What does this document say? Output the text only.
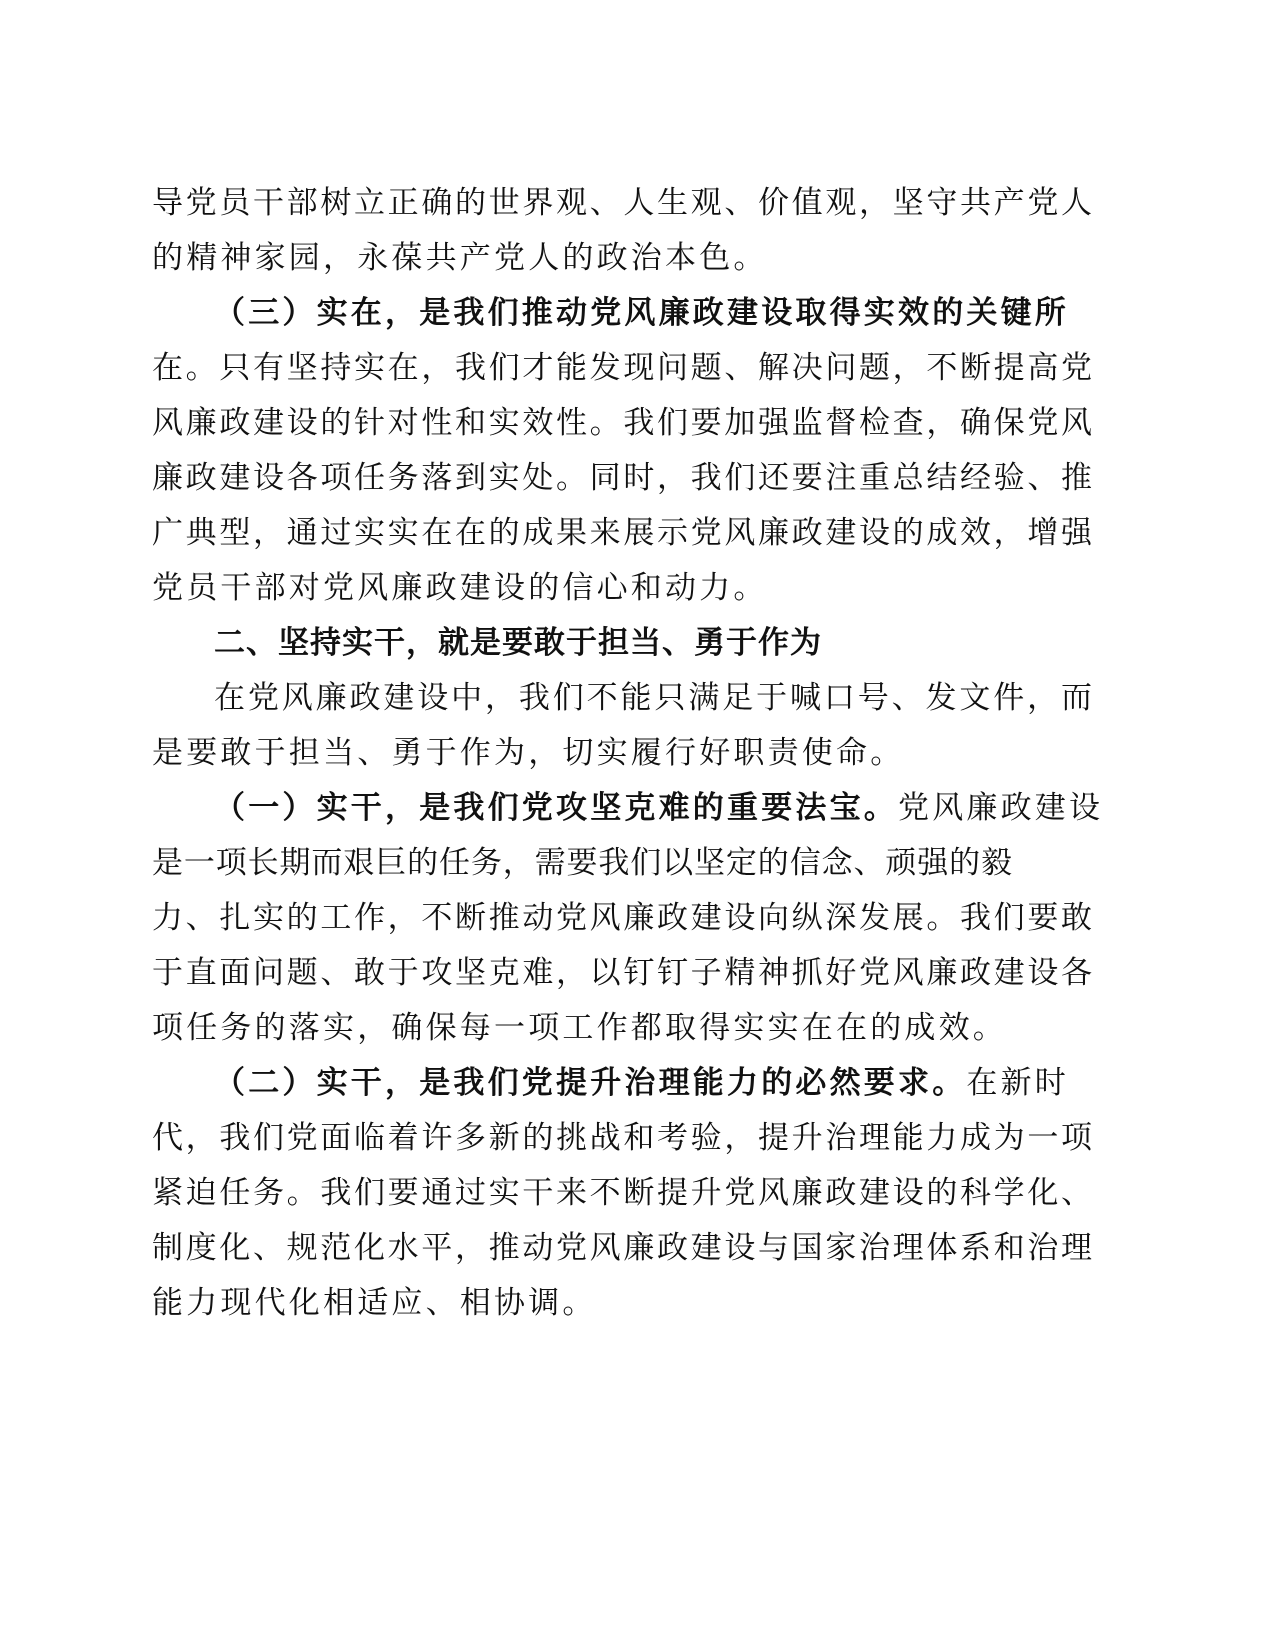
导党员干部树立正确的世界观、人生观、价值观，坚守共产党人
的精神家园，永葆共产党人的政治本色。
（三）实在，是我们推动党风廉政建设取得实效的关键所
在。只有坚持实在，我们才能发现问题、解决问题，不断提高党
风廉政建设的针对性和实效性。我们要加强监督检查，确保党风
廉政建设各项任务落到实处。同时，我们还要注重总结经验、推
广典型，通过实实在在的成果来展示党风廉政建设的成效，增强
党员干部对党风廉政建设的信心和动力。
二、坚持实干，就是要敢于担当、勇于作为
在党风廉政建设中，我们不能只满足于喊口号、发文件，而
是要敢于担当、勇于作为，切实履行好职责使命。
（一）实干，是我们党攻坚克难的重要法宝。党风廉政建设
是一项长期而艰巨的任务，需要我们以坚定的信念、顽强的毅
力、扎实的工作，不断推动党风廉政建设向纵深发展。我们要敢
于直面问题、敢于攻坚克难，以钉钉子精神抓好党风廉政建设各
项任务的落实，确保每一项工作都取得实实在在的成效。
（二）实干，是我们党提升治理能力的必然要求。在新时
代，我们党面临着许多新的挑战和考验，提升治理能力成为一项
紧迫任务。我们要通过实干来不断提升党风廉政建设的科学化、
制度化、规范化水平，推动党风廉政建设与国家治理体系和治理
能力现代化相适应、相协调。
